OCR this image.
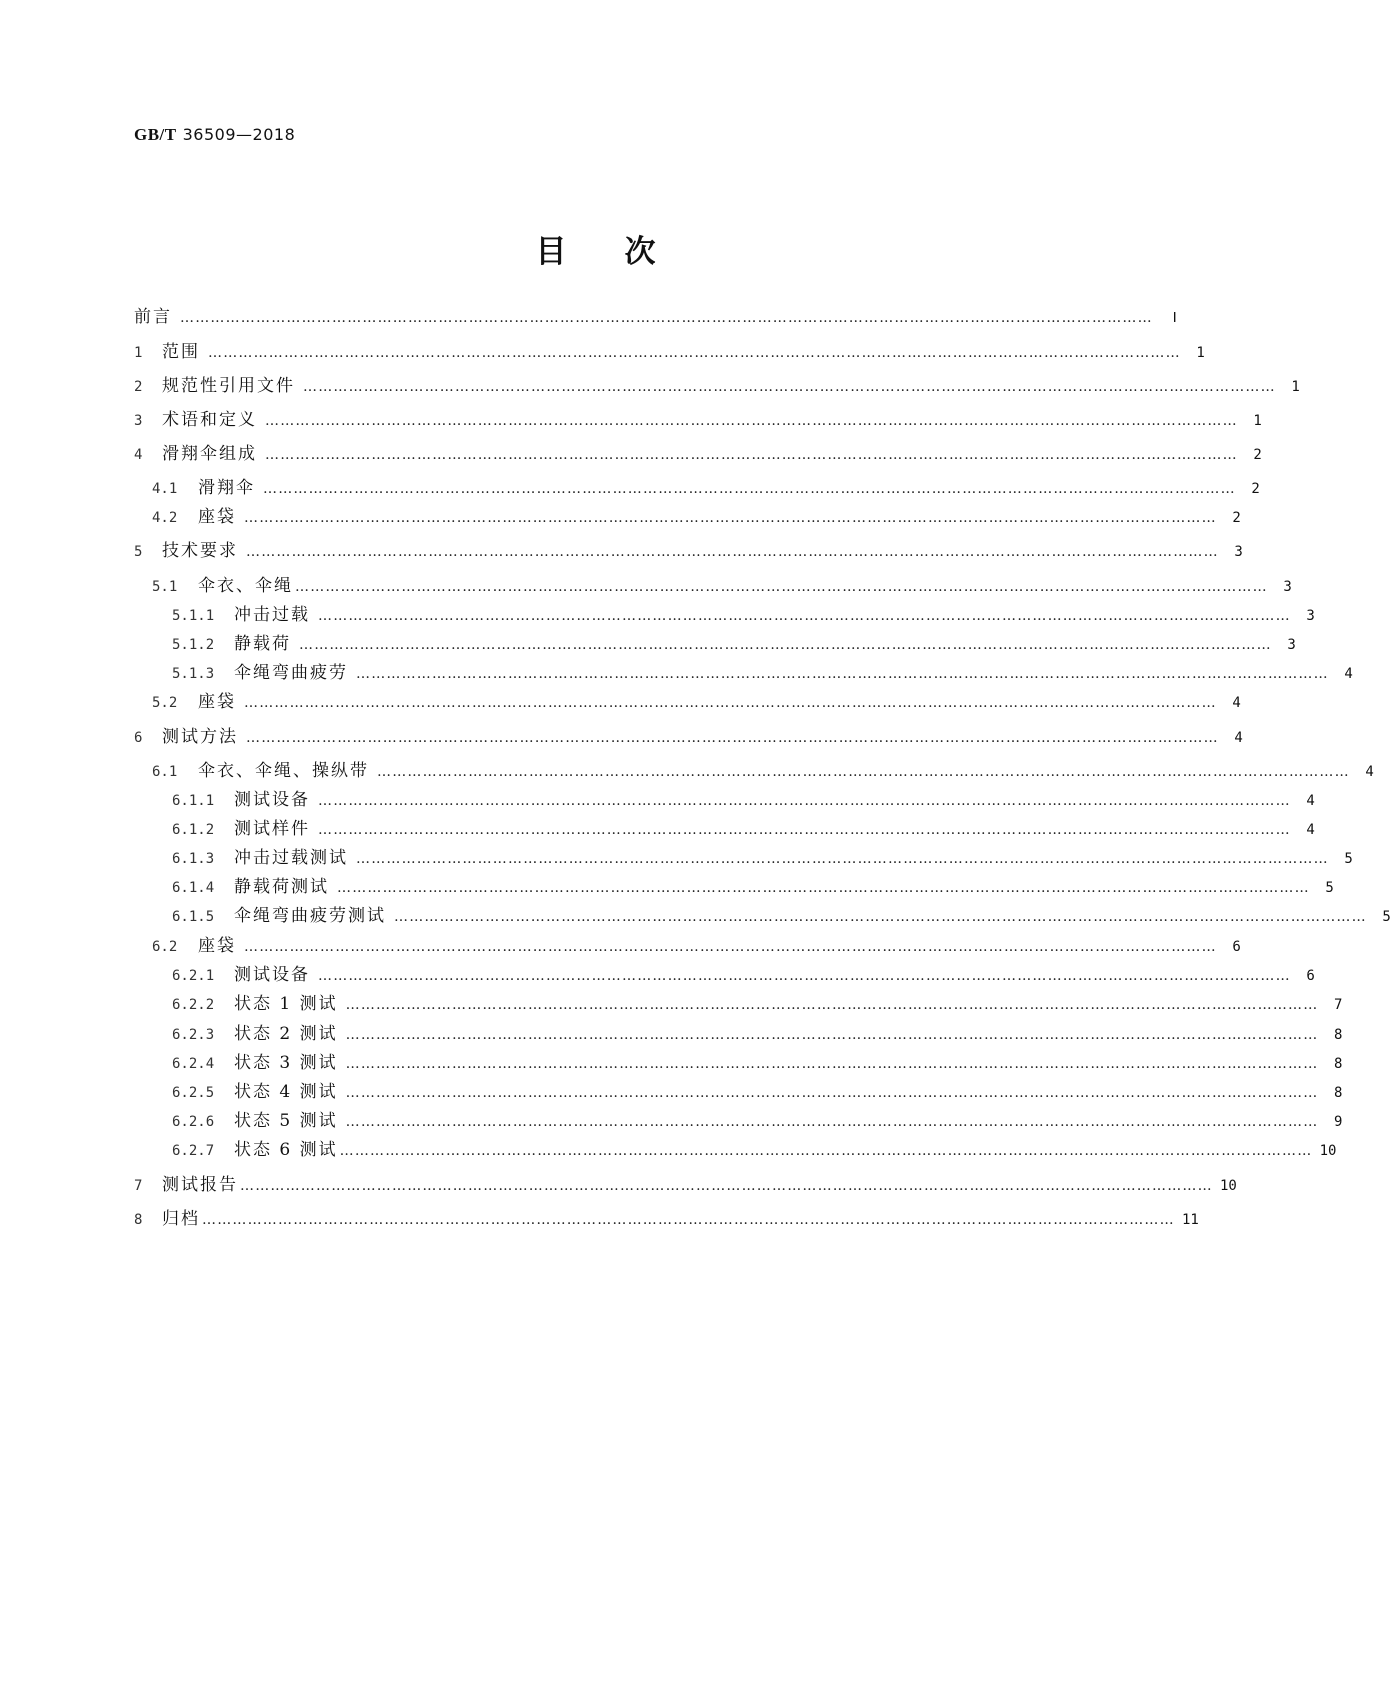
GB/T 36509—2018
目次
前言 …………………………………………………………………………………………………………………………………………………………………………	Ⅰ
1	范围 …………………………………………………………………………………………………………………………………………………………………………	1
2	规范性引用文件 …………………………………………………………………………………………………………………………………………………………………………	1
3	术语和定义 …………………………………………………………………………………………………………………………………………………………………………	1
4	滑翔伞组成 …………………………………………………………………………………………………………………………………………………………………………	2
4.1	滑翔伞 …………………………………………………………………………………………………………………………………………………………………………	2
4.2	座袋 …………………………………………………………………………………………………………………………………………………………………………	2
5	技术要求 …………………………………………………………………………………………………………………………………………………………………………	3
5.1	伞衣、伞绳 …………………………………………………………………………………………………………………………………………………………………………	3
5.1.1	冲击过载 …………………………………………………………………………………………………………………………………………………………………………	3
5.1.2	静载荷 …………………………………………………………………………………………………………………………………………………………………………	3
5.1.3	伞绳弯曲疲劳 …………………………………………………………………………………………………………………………………………………………………………	4
5.2	座袋 …………………………………………………………………………………………………………………………………………………………………………	4
6	测试方法 …………………………………………………………………………………………………………………………………………………………………………	4
6.1	伞衣、伞绳、操纵带 …………………………………………………………………………………………………………………………………………………………………………	4
6.1.1	测试设备 …………………………………………………………………………………………………………………………………………………………………………	4
6.1.2	测试样件 …………………………………………………………………………………………………………………………………………………………………………	4
6.1.3	冲击过载测试 …………………………………………………………………………………………………………………………………………………………………………	5
6.1.4	静载荷测试 …………………………………………………………………………………………………………………………………………………………………………	5
6.1.5	伞绳弯曲疲劳测试 …………………………………………………………………………………………………………………………………………………………………………	5
6.2	座袋 …………………………………………………………………………………………………………………………………………………………………………	6
6.2.1	测试设备 …………………………………………………………………………………………………………………………………………………………………………	6
6.2.2	状态 1 测试 …………………………………………………………………………………………………………………………………………………………………………	7
6.2.3	状态 2 测试 …………………………………………………………………………………………………………………………………………………………………………	8
6.2.4	状态 3 测试 …………………………………………………………………………………………………………………………………………………………………………	8
6.2.5	状态 4 测试 …………………………………………………………………………………………………………………………………………………………………………	8
6.2.6	状态 5 测试 …………………………………………………………………………………………………………………………………………………………………………	9
6.2.7	状态 6 测试 ………………………………………………………………………………………………………………………………………………………………………… 10
7	测试报告 ………………………………………………………………………………………………………………………………………………………………………… 10
8	归档 ………………………………………………………………………………………………………………………………………………………………………… 11
